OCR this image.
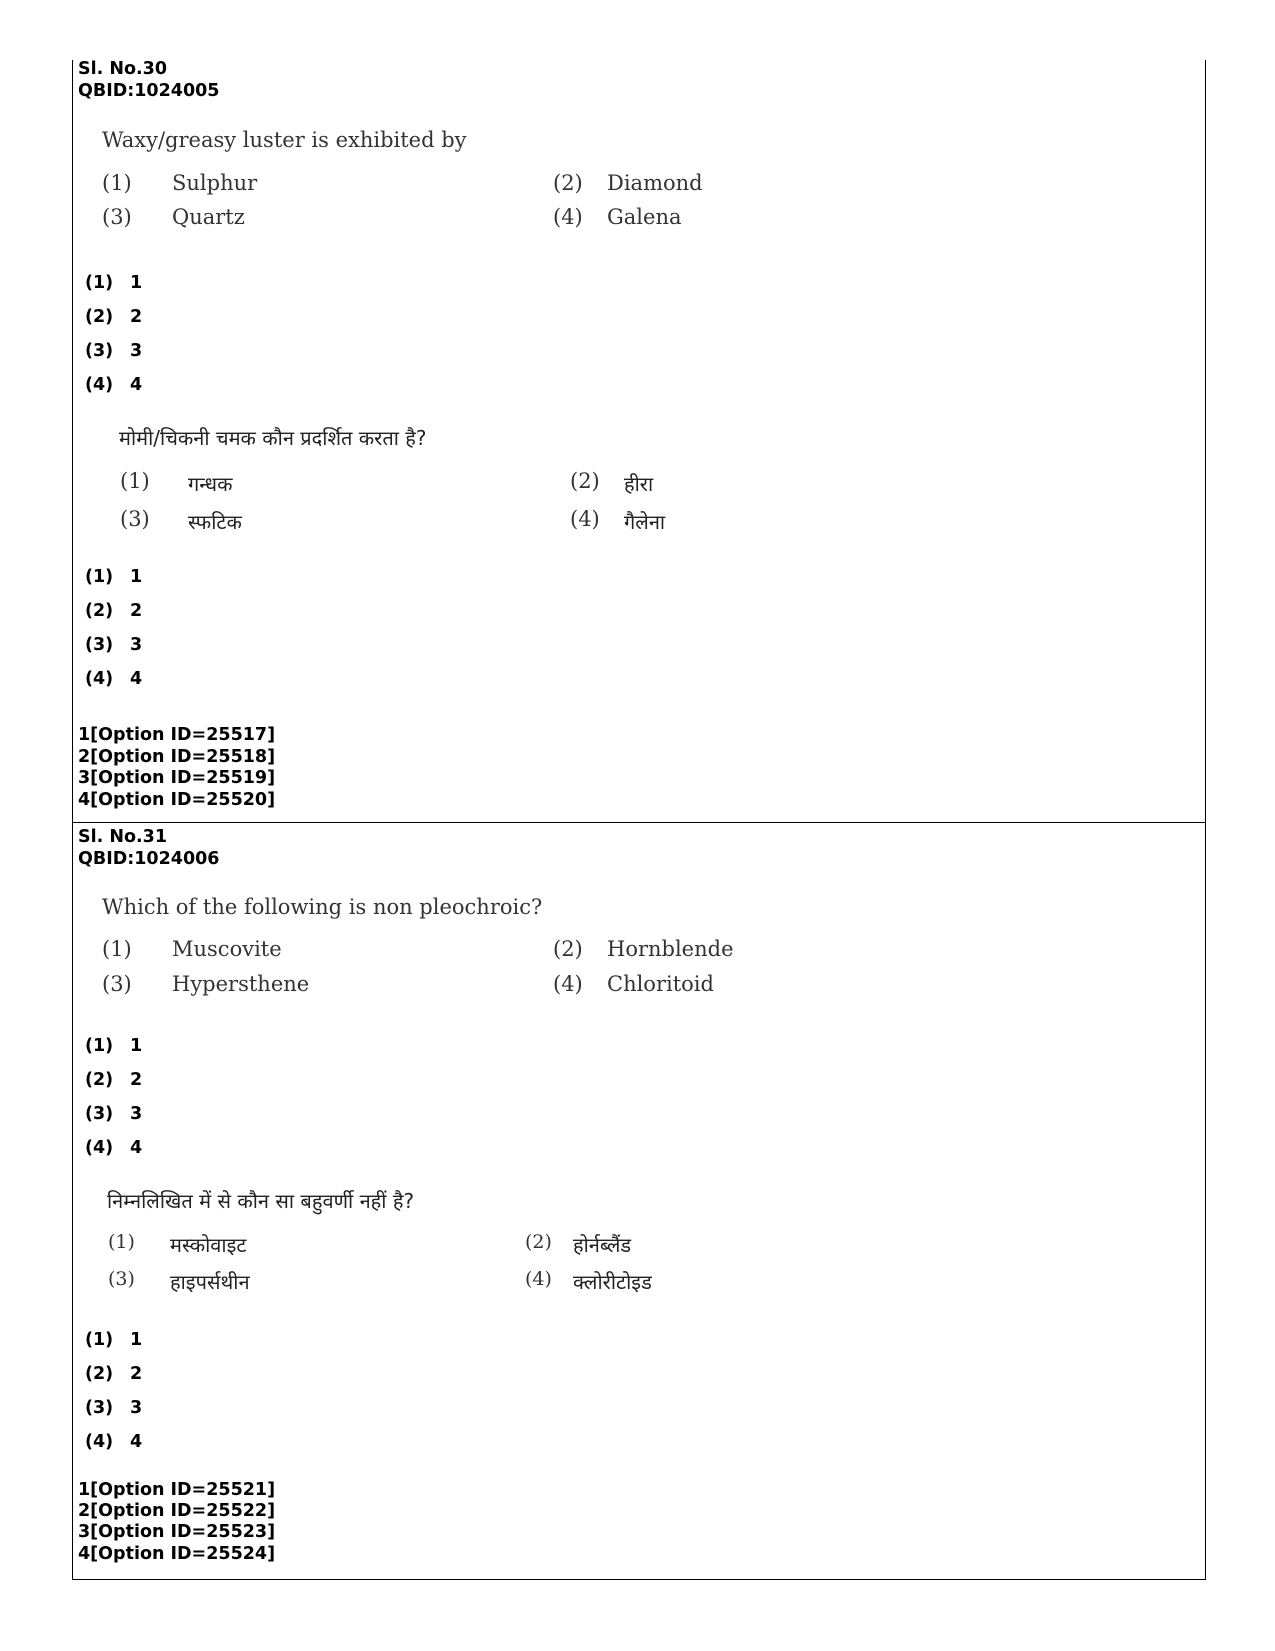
Sl. No.30
QBID:1024005
Waxy/greasy luster is exhibited by
(1) Sulphur	(2) Diamond
(3) Quartz	(4) Galena
(1) 1
(2) 2
(3) 3
(4) 4
मोमी/चिकनी चमक कौन प्रदर्शित करता है?
(1) गन्धक	(2) हीरा
(3) स्फटिक	(4) गैलेना
(1) 1
(2) 2
(3) 3
(4) 4
1[Option ID=25517]
2[Option ID=25518]
3[Option ID=25519]
4[Option ID=25520]
Sl. No.31
QBID:1024006
Which of the following is non pleochroic?
(1) Muscovite	(2) Hornblende
(3) Hypersthene	(4) Chloritoid
(1) 1
(2) 2
(3) 3
(4) 4
निम्नलिखित में से कौन सा बहुवर्णी नहीं है?
(1) मस्कोवाइट	(2) होर्नब्लैंड
(3) हाइपर्सथीन	(4) क्लोरीटोइड
(1) 1
(2) 2
(3) 3
(4) 4
1[Option ID=25521]
2[Option ID=25522]
3[Option ID=25523]
4[Option ID=25524]
